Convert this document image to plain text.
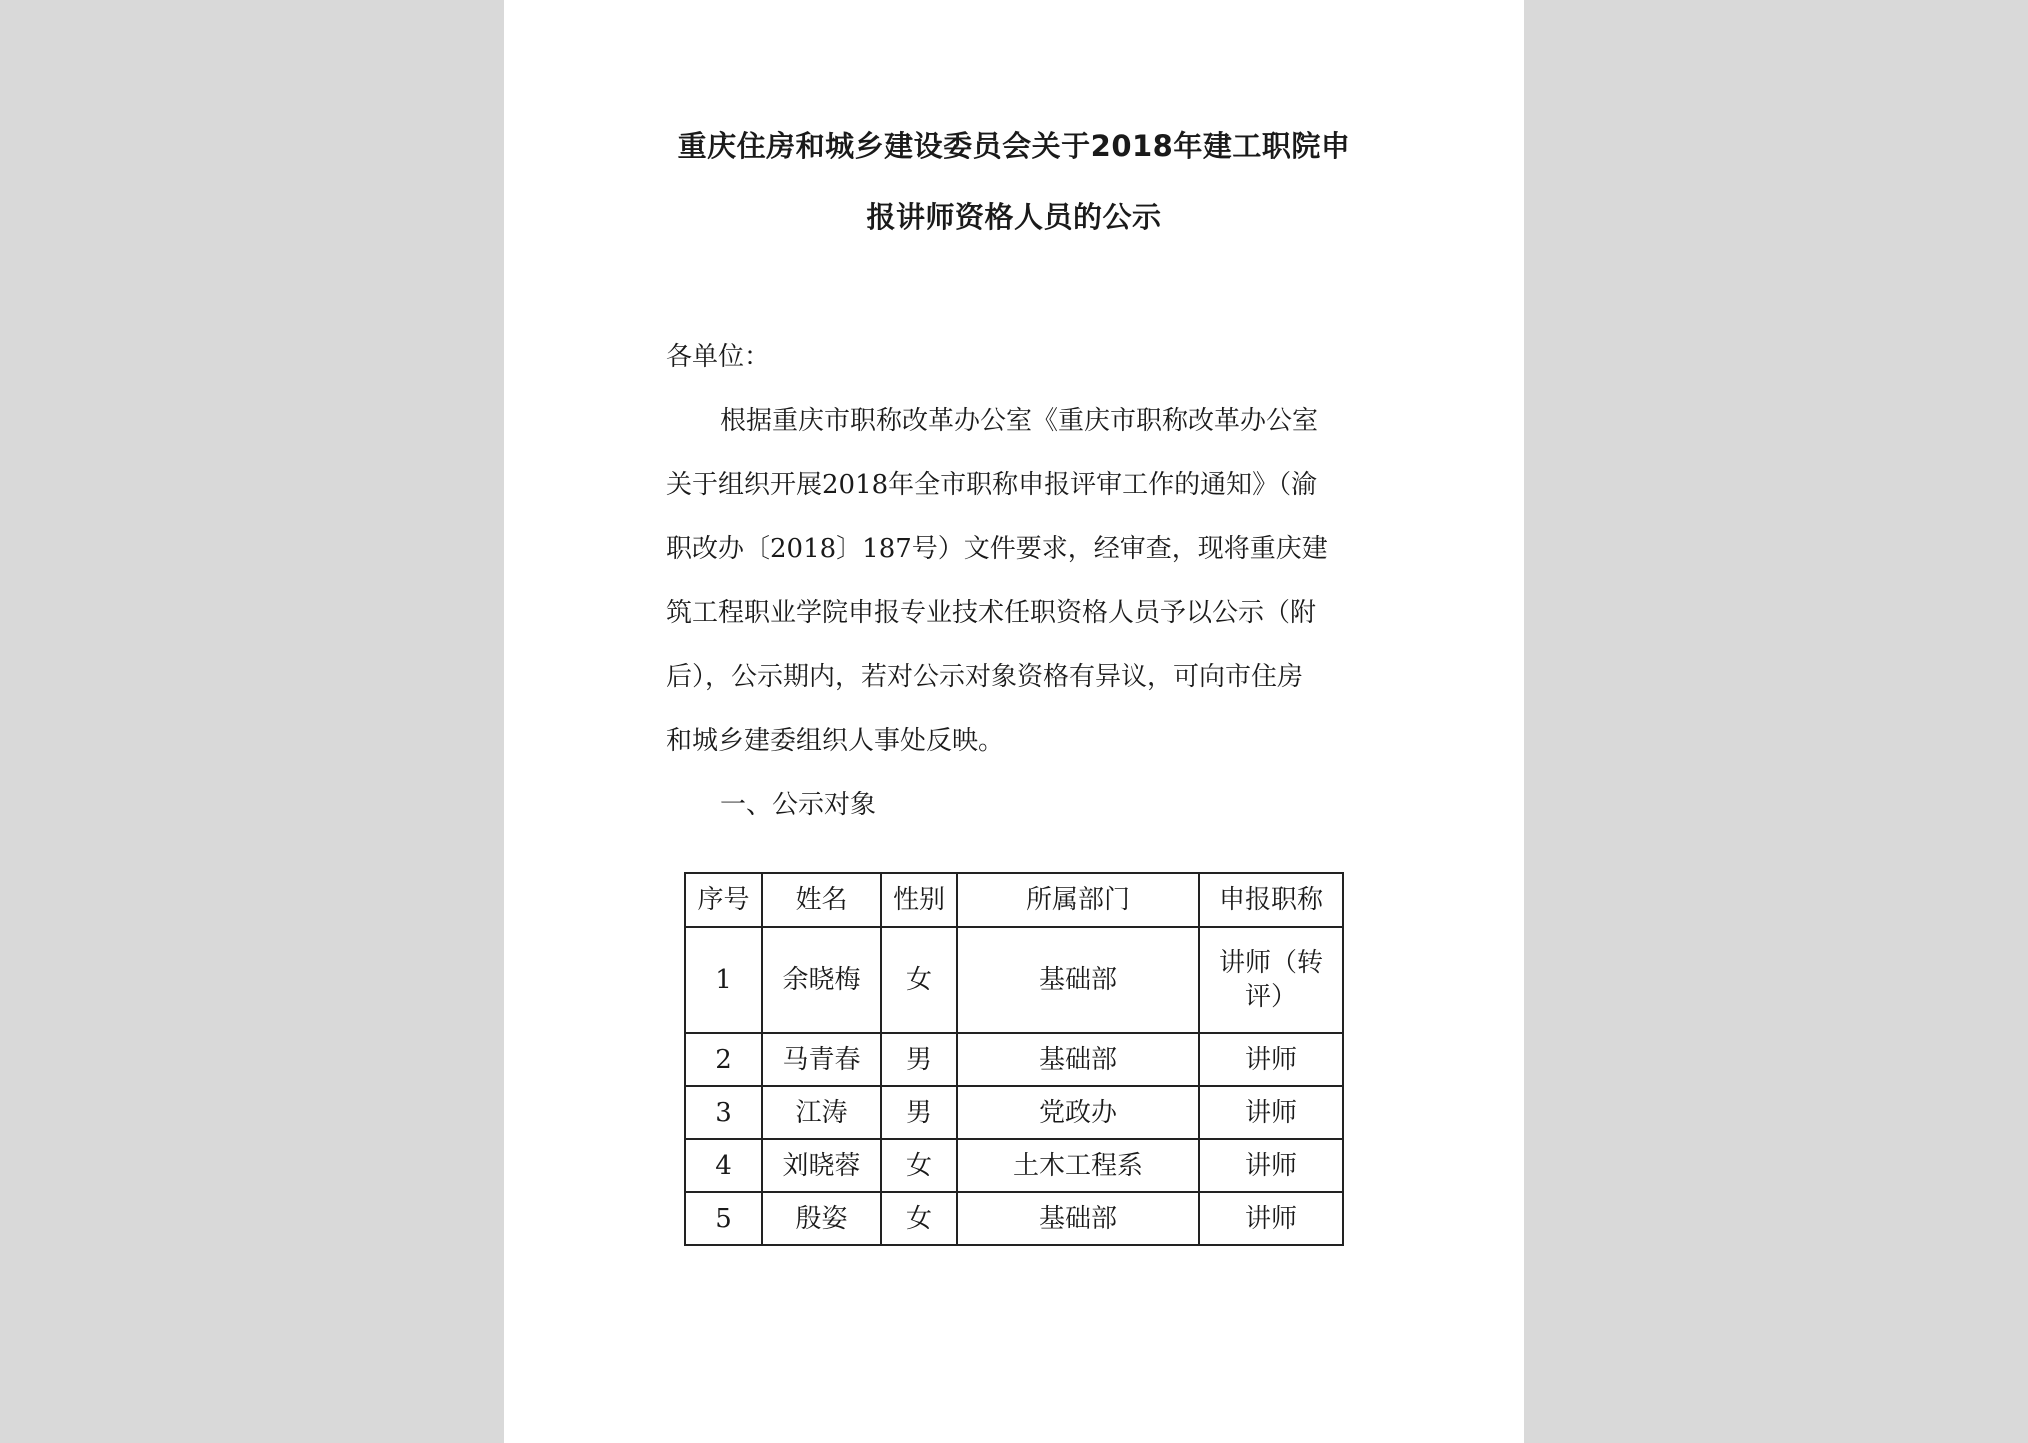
重庆住房和城乡建设委员会关于2018年建工职院申
报讲师资格人员的公示
各单位：
根据重庆市职称改革办公室《重庆市职称改革办公室
关于组织开展2018年全市职称申报评审工作的通知》（渝
职改办〔2018〕187号）文件要求，经审查，现将重庆建
筑工程职业学院申报专业技术任职资格人员予以公示（附
后），公示期内，若对公示对象资格有异议，可向市住房
和城乡建委组织人事处反映。
一、公示对象
序号	姓名	性别	所属部门	申报职称
1	余晓梅	女	基础部	讲师（转评）
2	马青春	男	基础部	讲师
3	江涛	男	党政办	讲师
4	刘晓蓉	女	土木工程系	讲师
5	殷姿	女	基础部	讲师
